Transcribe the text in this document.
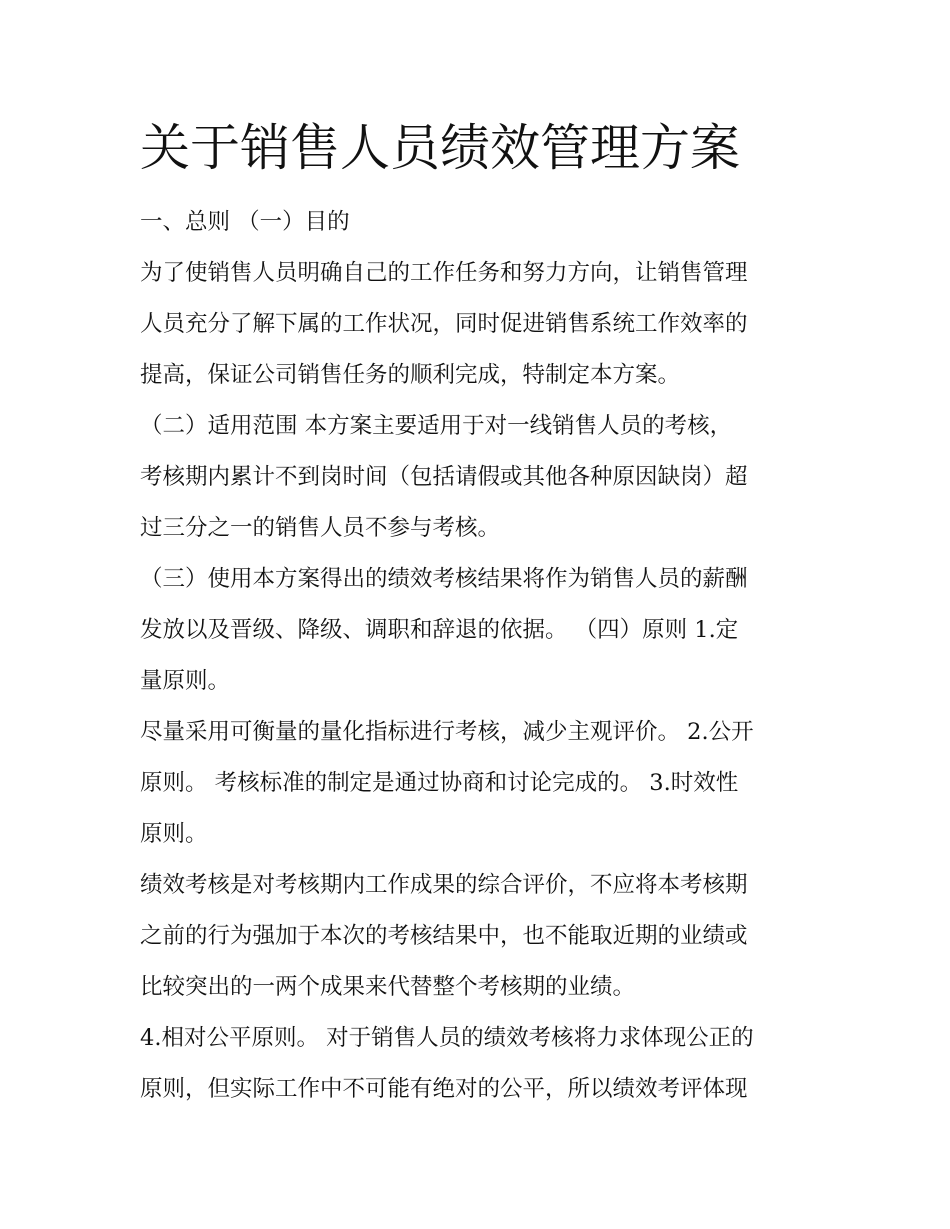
关于销售人员绩效管理方案

一、总则 （一）目的

为了使销售人员明确自己的工作任务和努力方向，让销售管理

人员充分了解下属的工作状况，同时促进销售系统工作效率的

提高，保证公司销售任务的顺利完成，特制定本方案。

（二）适用范围 本方案主要适用于对一线销售人员的考核，

考核期内累计不到岗时间（包括请假或其他各种原因缺岗）超

过三分之一的销售人员不参与考核。

（三）使用本方案得出的绩效考核结果将作为销售人员的薪酬

发放以及晋级、降级、调职和辞退的依据。 （四）原则 1.定

量原则。

尽量采用可衡量的量化指标进行考核，减少主观评价。 2.公开

原则。 考核标准的制定是通过协商和讨论完成的。 3.时效性

原则。

绩效考核是对考核期内工作成果的综合评价，不应将本考核期

之前的行为强加于本次的考核结果中，也不能取近期的业绩或

比较突出的一两个成果来代替整个考核期的业绩。

4.相对公平原则。 对于销售人员的绩效考核将力求体现公正的

原则，但实际工作中不可能有绝对的公平，所以绩效考评体现
